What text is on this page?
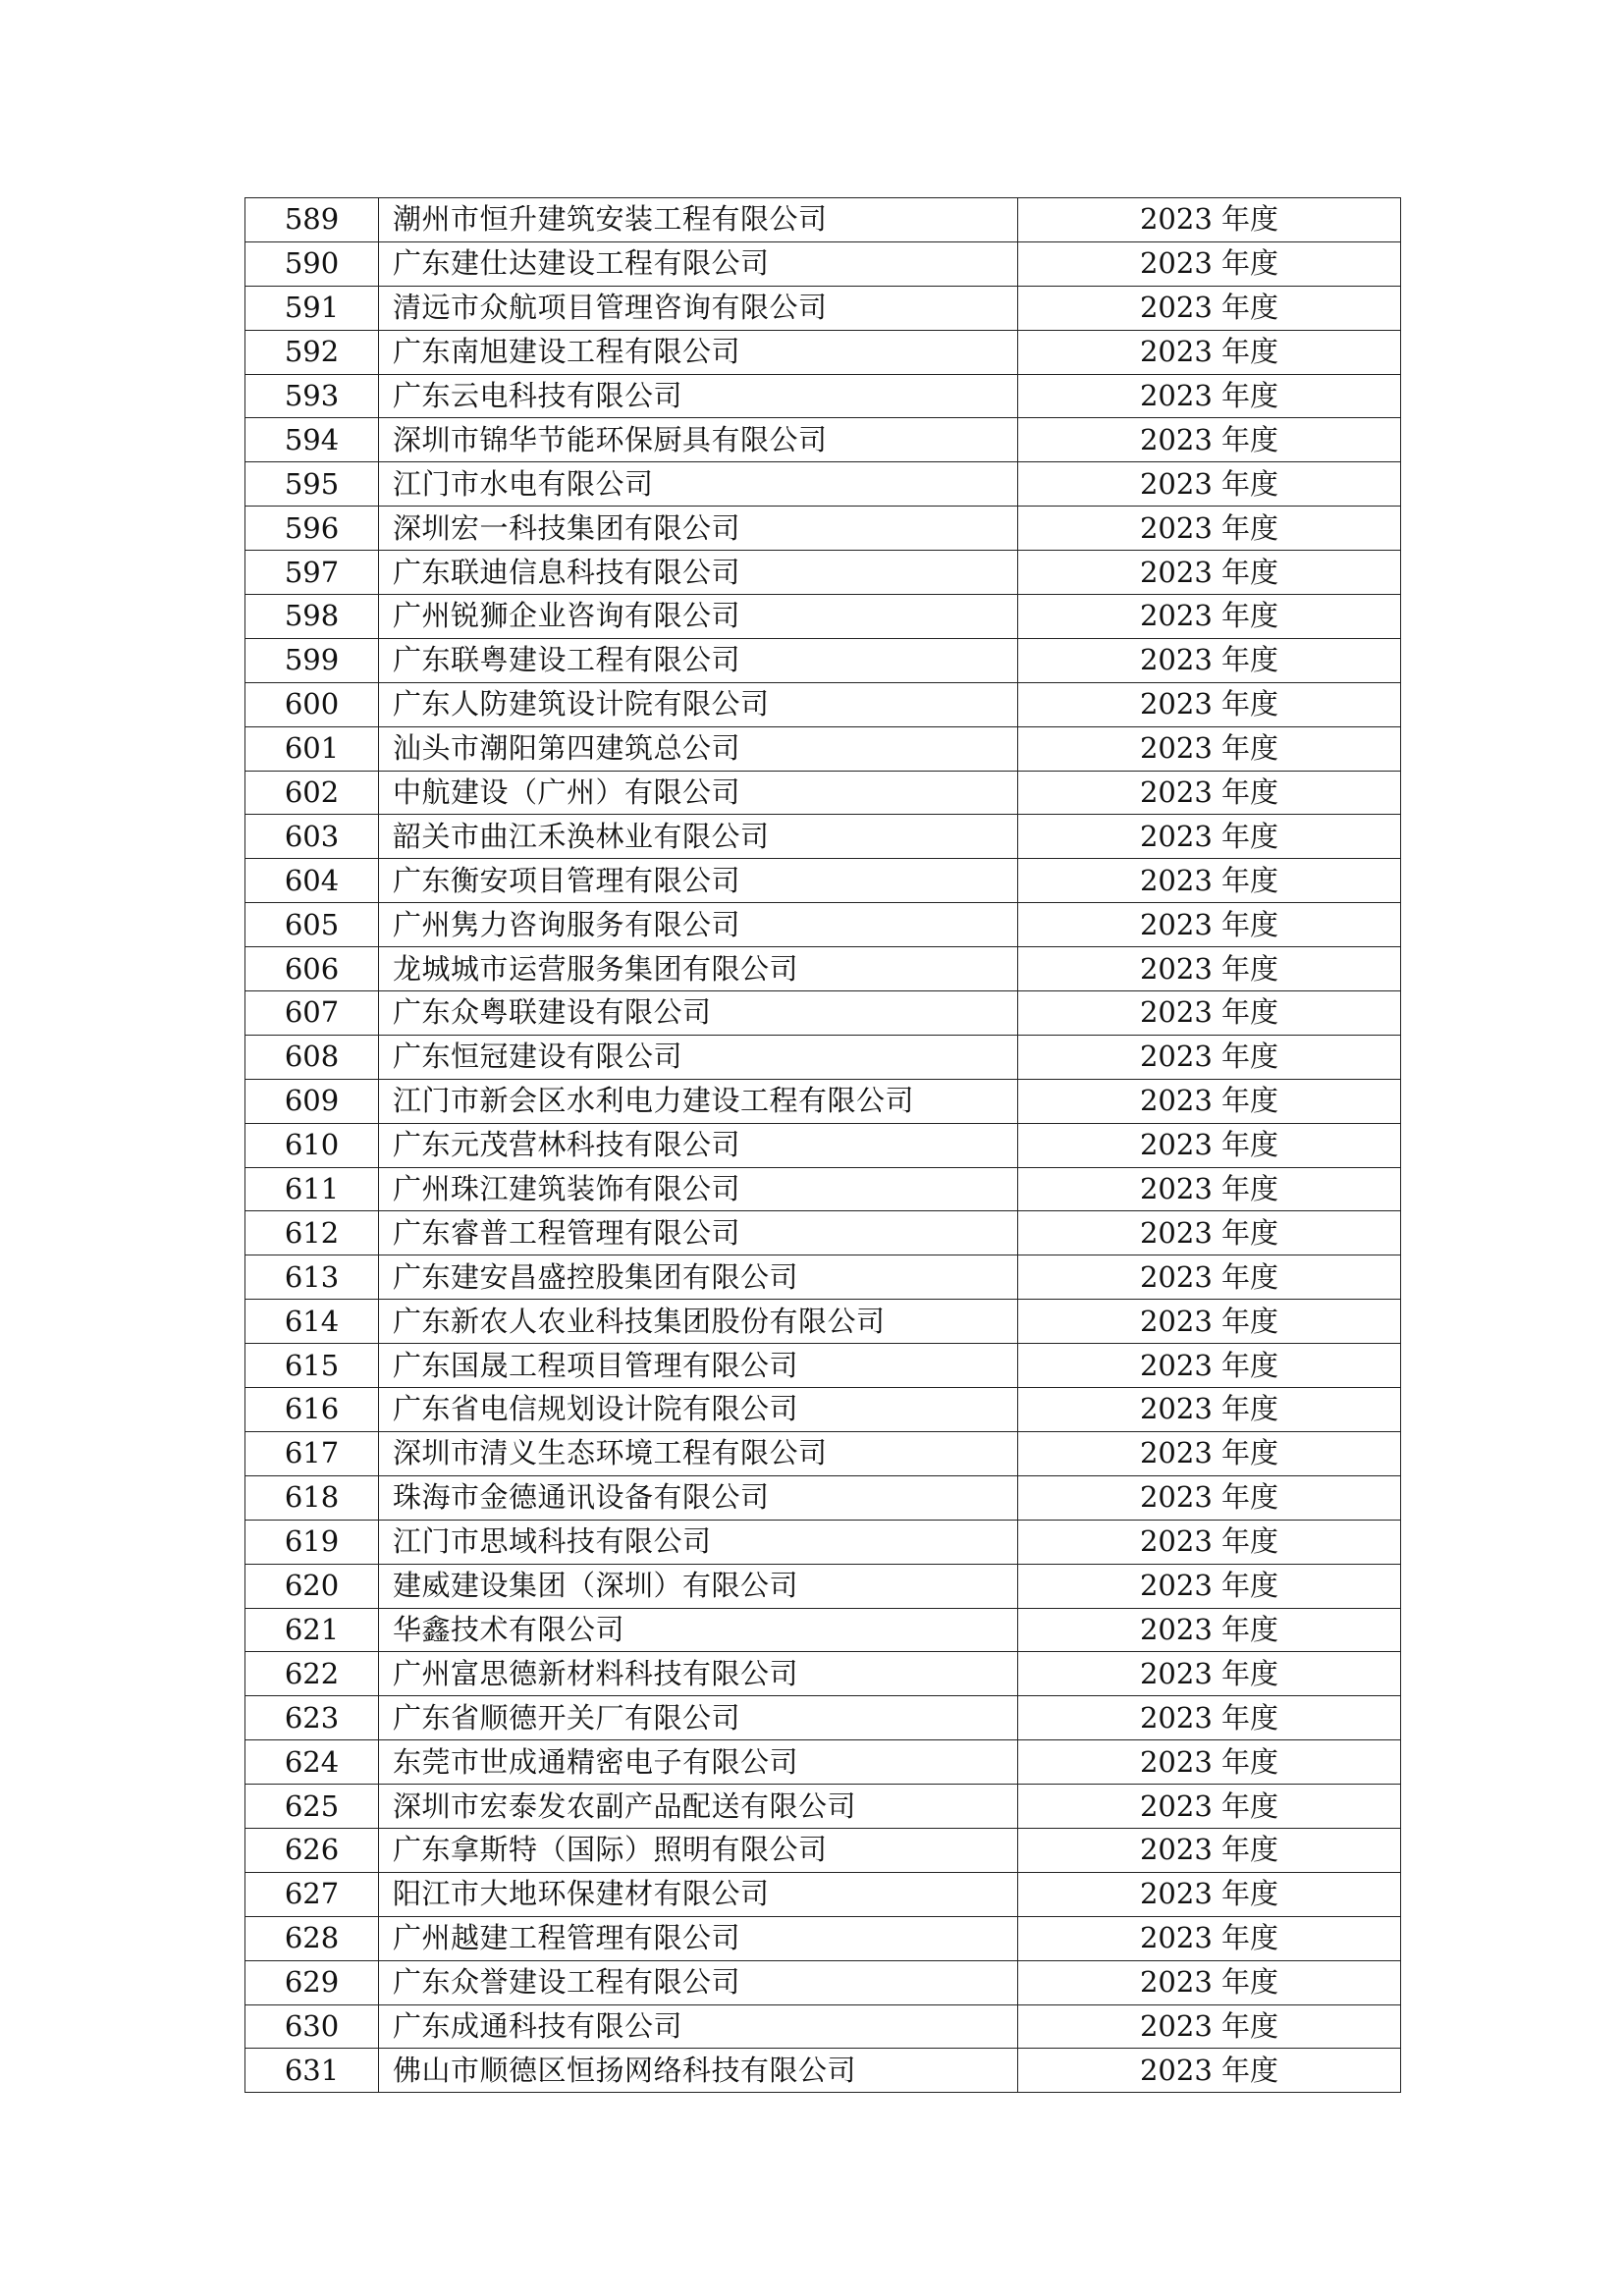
589	潮州市恒升建筑安装工程有限公司	2023 年度
590	广东建仕达建设工程有限公司	2023 年度
591	清远市众航项目管理咨询有限公司	2023 年度
592	广东南旭建设工程有限公司	2023 年度
593	广东云电科技有限公司	2023 年度
594	深圳市锦华节能环保厨具有限公司	2023 年度
595	江门市水电有限公司	2023 年度
596	深圳宏一科技集团有限公司	2023 年度
597	广东联迪信息科技有限公司	2023 年度
598	广州锐狮企业咨询有限公司	2023 年度
599	广东联粤建设工程有限公司	2023 年度
600	广东人防建筑设计院有限公司	2023 年度
601	汕头市潮阳第四建筑总公司	2023 年度
602	中航建设（广州）有限公司	2023 年度
603	韶关市曲江禾涣林业有限公司	2023 年度
604	广东衡安项目管理有限公司	2023 年度
605	广州隽力咨询服务有限公司	2023 年度
606	龙城城市运营服务集团有限公司	2023 年度
607	广东众粤联建设有限公司	2023 年度
608	广东恒冠建设有限公司	2023 年度
609	江门市新会区水利电力建设工程有限公司	2023 年度
610	广东元茂营林科技有限公司	2023 年度
611	广州珠江建筑装饰有限公司	2023 年度
612	广东睿普工程管理有限公司	2023 年度
613	广东建安昌盛控股集团有限公司	2023 年度
614	广东新农人农业科技集团股份有限公司	2023 年度
615	广东国晟工程项目管理有限公司	2023 年度
616	广东省电信规划设计院有限公司	2023 年度
617	深圳市清义生态环境工程有限公司	2023 年度
618	珠海市金德通讯设备有限公司	2023 年度
619	江门市思域科技有限公司	2023 年度
620	建威建设集团（深圳）有限公司	2023 年度
621	华鑫技术有限公司	2023 年度
622	广州富思德新材料科技有限公司	2023 年度
623	广东省顺德开关厂有限公司	2023 年度
624	东莞市世成通精密电子有限公司	2023 年度
625	深圳市宏泰发农副产品配送有限公司	2023 年度
626	广东拿斯特（国际）照明有限公司	2023 年度
627	阳江市大地环保建材有限公司	2023 年度
628	广州越建工程管理有限公司	2023 年度
629	广东众誉建设工程有限公司	2023 年度
630	广东成通科技有限公司	2023 年度
631	佛山市顺德区恒扬网络科技有限公司	2023 年度
